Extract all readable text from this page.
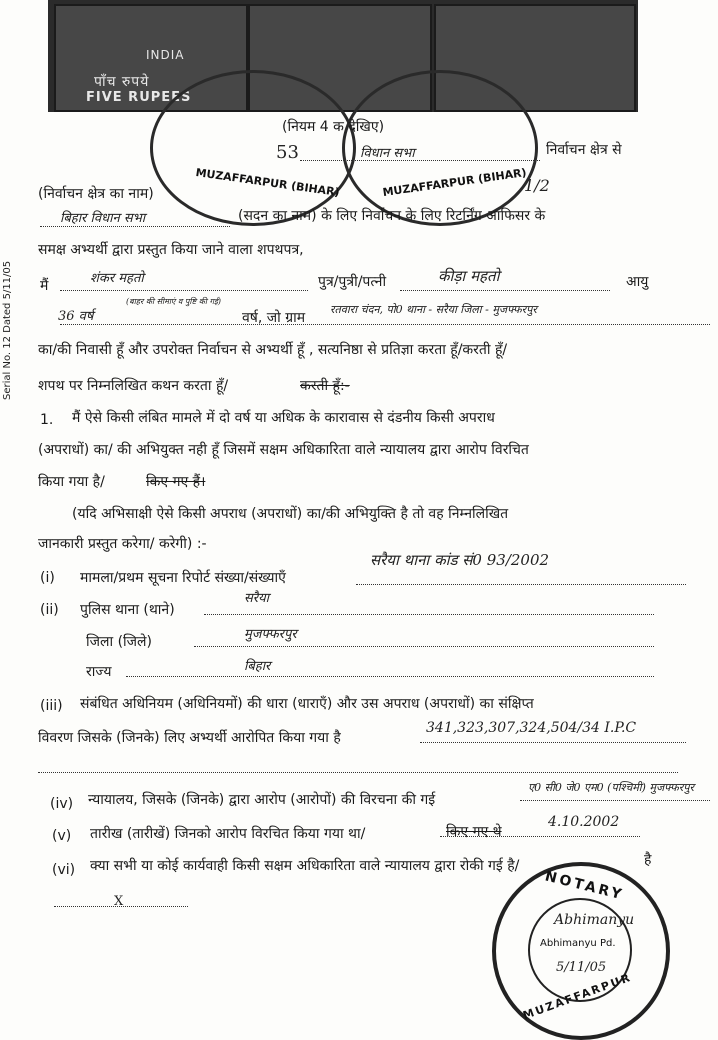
Serial No. 12 Dated 5/11/05
INDIA
पाँच रुपये
FIVE RUPEES
MUZAFFARPUR (BIHAR)	MUZAFFARPUR (BIHAR)
(नियम 4 क देखिए)
53	विधान सभा	निर्वाचन क्षेत्र से
1/2
(निर्वाचन क्षेत्र का नाम)
बिहार विधान सभा	(सदन का नाम) के लिए निर्वाचन के लिए रिटर्निंग आफिसर के
समक्ष अभ्यर्थी द्वारा प्रस्तुत किया जाने वाला शपथपत्र,
मैं	शंकर महतो	पुत्र/पुत्री/पत्नी	कीड़ा महतो	आयु
36 वर्ष
(बाहर की सीमाएं व पुष्टि की गई)
वर्ष, जो ग्राम
रतवारा चंदन, पो0 थाना - सरैया जिला - मुजफ्फरपुर
का/की निवासी हूँ और उपरोक्त निर्वाचन से अभ्यर्थी हूँ , सत्यनिष्ठा से प्रतिज्ञा करता हूँ/करती हूँ/
शपथ पर निम्नलिखित कथन करता हूँ/	करती हूँ:-
1. मैं ऐसे किसी लंबित मामले में दो वर्ष या अधिक के कारावास से दंडनीय किसी अपराध
(अपराधों) का/ की अभियुक्त नही हूँ जिसमें सक्षम अधिकारिता वाले न्यायालय द्वारा आरोप विरचित
किया गया है/	किए गए हैं।
(यदि अभिसाक्षी ऐसे किसी अपराध (अपराधों) का/की अभियुक्ति है तो वह निम्नलिखित
जानकारी प्रस्तुत करेगा/ करेगी) :-
(i) मामला/प्रथम सूचना रिपोर्ट संख्या/संख्याएँ
सरैया थाना कांड सं0 93/2002
(ii) पुलिस थाना (थाने)
सरैया
जिला (जिले)	मुजफ्फरपुर
राज्य	बिहार
(iii) संबंधित अधिनियम (अधिनियमों) की धारा (धाराएँ) और उस अपराध (अपराधों) का संक्षिप्त
विवरण जिसके (जिनके) लिए अभ्यर्थी आरोपित किया गया है
341,323,307,324,504/34 I.P.C
(iv) न्यायालय, जिसके (जिनके) द्वारा आरोप (आरोपों) की विरचना की गई
ए0 सी0 जे0 एम0 (पश्चिमी) मुजफ्फरपुर
(v) तारीख (तारीखें) जिनको आरोप विरचित किया गया था/	किए गए थे
4.10.2002
(vi) क्या सभी या कोई कार्यवाही किसी सक्षम अधिकारिता वाले न्यायालय द्वारा रोकी गई है/	है
X	NOTARY
MUZAFFARPUR
Abhimanyu
Abhimanyu Pd.
5/11/05
